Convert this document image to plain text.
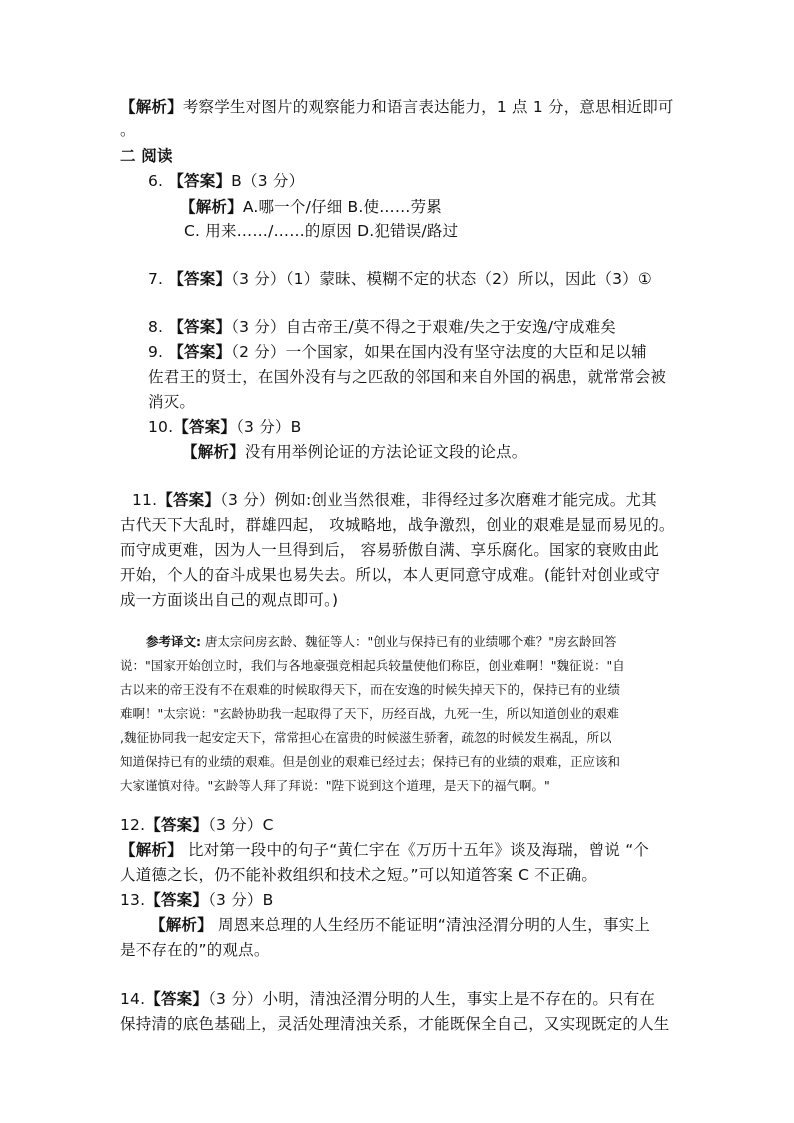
【解析】考察学生对图片的观察能力和语言表达能力，1 点 1 分，意思相近即可
。
二 阅读
6. 【答案】B（3 分）
【解析】A.哪一个/仔细 B.使……劳累
C. 用来……/……的原因 D.犯错误/路过
7. 【答案】（3 分）（1）蒙昧、模糊不定的状态（2）所以，因此（3）①
8. 【答案】（3 分）自古帝王/莫不得之于艰难/失之于安逸/守成难矣
9. 【答案】（2 分）一个国家，如果在国内没有坚守法度的大臣和足以辅
佐君王的贤士，在国外没有与之匹敌的邻国和来自外国的祸患，就常常会被
消灭。
10.【答案】（3 分）B
【解析】没有用举例论证的方法论证文段的论点。
11.【答案】（3 分）例如:创业当然很难，非得经过多次磨难才能完成。尤其
古代天下大乱时，群雄四起， 攻城略地，战争激烈，创业的艰难是显而易见的。
而守成更难，因为人一旦得到后， 容易骄傲自满、享乐腐化。国家的衰败由此
开始，个人的奋斗成果也易失去。所以，本人更同意守成难。(能针对创业或守
成一方面谈出自己的观点即可。)
参考译文: 唐太宗问房玄龄、魏征等人："创业与保持已有的业绩哪个难？"房玄龄回答
说："国家开始创立时，我们与各地豪强竞相起兵较量使他们称臣，创业难啊！"魏征说："自
古以来的帝王没有不在艰难的时候取得天下，而在安逸的时候失掉天下的，保持已有的业绩
难啊！"太宗说："玄龄协助我一起取得了天下，历经百战，九死一生，所以知道创业的艰难
,魏征协同我一起安定天下，常常担心在富贵的时候滋生骄奢，疏忽的时候发生祸乱，所以
知道保持已有的业绩的艰难。但是创业的艰难已经过去；保持已有的业绩的艰难，正应该和
大家谨慎对待。"玄龄等人拜了拜说："陛下说到这个道理，是天下的福气啊。"
12.【答案】（3 分）C
【解析】 比对第一段中的句子“黄仁宇在《万历十五年》谈及海瑞，曾说 “个
人道德之长，仍不能补救组织和技术之短。”可以知道答案 C 不正确。
13.【答案】（3 分）B
【解析】 周恩来总理的人生经历不能证明“清浊泾渭分明的人生，事实上
是不存在的”的观点。
14.【答案】（3 分）小明，清浊泾渭分明的人生，事实上是不存在的。只有在
保持清的底色基础上，灵活处理清浊关系，才能既保全自己，又实现既定的人生
